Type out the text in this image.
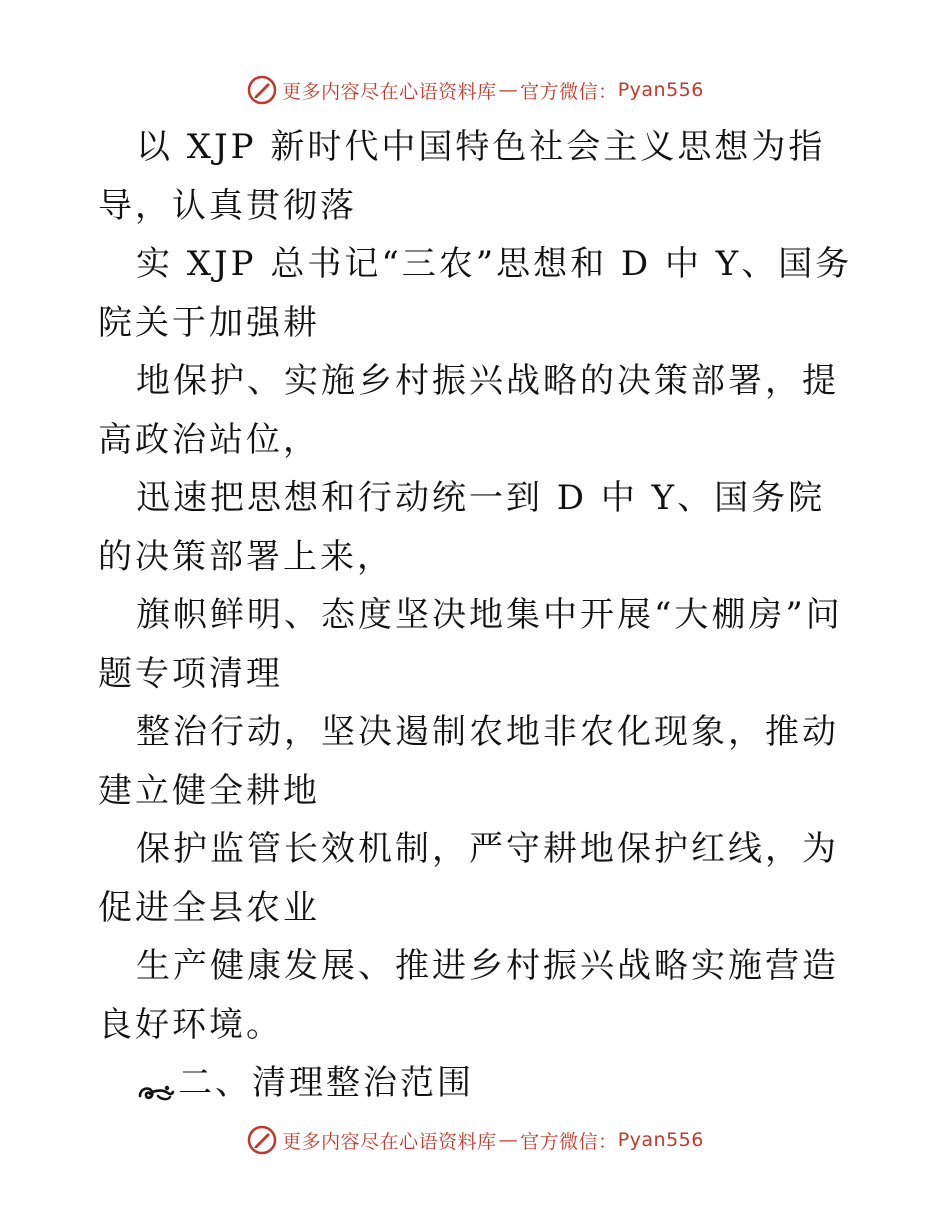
更多内容尽在心语资料库 — 官方微信： Pyan556

以 XJP 新时代中国特色社会主义思想为指导，认真贯彻落

实 XJP 总书记“三农”思想和 D 中 Y、国务院关于加强耕

地保护、实施乡村振兴战略的决策部署，提高政治站位，

迅速把思想和行动统一到 D 中 Y、国务院的决策部署上来，

旗帜鲜明、态度坚决地集中开展“大棚房”问题专项清理

整治行动，坚决遏制农地非农化现象，推动建立健全耕地

保护监管长效机制，严守耕地保护红线，为促进全县农业

生产健康发展、推进乡村振兴战略实施营造良好环境。

二、清理整治范围

更多内容尽在心语资料库 — 官方微信： Pyan556
